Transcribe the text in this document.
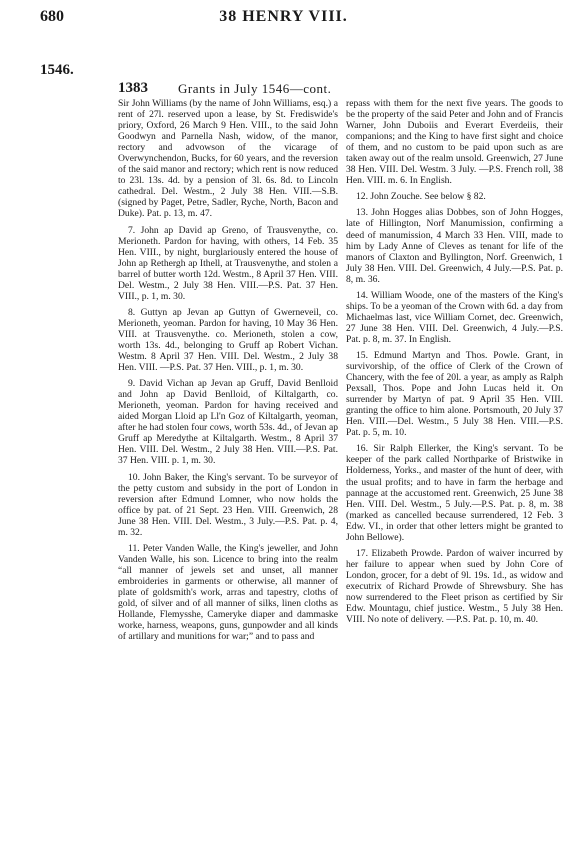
680	38 HENRY VIII.
1546.
1383 Grants in July 1546—cont.

Sir John Williams (by the name of John Williams, esq.) a rent of 27l. reserved upon a lease, by St. Frediswide's priory, Oxford, 26 March 9 Hen. VIII., to the said John Goodwyn and Parnella Nash, widow, of the manor, rectory and advowson of the vicarage of Overwynchendon, Bucks, for 60 years, and the reversion of the said manor and rectory; which rent is now reduced to 23l. 13s. 4d. by a pension of 3l. 6s. 8d. to Lincoln cathedral. Del. Westm., 2 July 38 Hen. VIII.—S.B. (signed by Paget, Petre, Sadler, Ryche, North, Bacon and Duke). Pat. p. 13, m. 47.

7. John ap David ap Greno, of Trausvenythe, co. Merioneth. Pardon for having, with others, 14 Feb. 35 Hen. VIII., by night, burglariously entered the house of John ap Rethergh ap Ithell, at Trausvenythe, and stolen a barrel of butter worth 12d. Westm., 8 April 37 Hen. VIII. Del. Westm., 2 July 38 Hen. VIII.—P.S. Pat. 37 Hen. VIII., p. 1, m. 30.

8. Guttyn ap Jevan ap Guttyn of Gwerneveil, co. Merioneth, yeoman. Pardon for having, 10 May 36 Hen. VIII. at Trausvenythe. co. Merioneth, stolen a cow, worth 13s. 4d., belonging to Gruff ap Robert Vichan. Westm. 8 April 37 Hen. VIII. Del. Westm., 2 July 38 Hen. VIII. —P.S. Pat. 37 Hen. VIII., p. 1, m. 30.

9. David Vichan ap Jevan ap Gruff, David Benlloid and John ap David Benlloid, of Kiltalgarth, co. Merioneth, yeoman. Pardon for having received and aided Morgan Lloid ap Ll'n Goz of Kiltalgarth, yeoman, after he had stolen four cows, worth 53s. 4d., of Jevan ap Gruff ap Meredythe at Kiltalgarth. Westm., 8 April 37 Hen. VIII. Del. Westm., 2 July 38 Hen. VIII.—P.S. Pat. 37 Hen. VIII. p. 1, m. 30.

10. John Baker, the King's servant. To be surveyor of the petty custom and subsidy in the port of London in reversion after Edmund Lomner, who now holds the office by pat. of 21 Sept. 23 Hen. VIII. Greenwich, 28 June 38 Hen. VIII. Del. Westm., 3 July.—P.S. Pat. p. 4, m. 32.

11. Peter Vanden Walle, the King's jeweller, and John Vanden Walle, his son. Licence to bring into the realm “all manner of jewels set and unset, all manner embroideries in garments or otherwise, all manner of plate of goldsmith's work, arras and tapestry, cloths of gold, of silver and of all manner of silks, linen cloths as Hollande, Flemysshe, Cameryke diaper and dammaske worke, harness, weapons, guns, gunpowder and all kinds of artillary and munitions for war;” and to pass and

repass with them for the next five years. The goods to be the property of the said Peter and John and of Francis Warner, John Duboiis and Everart Everdeiis, their companions; and the King to have first sight and choice of them, and no custom to be paid upon such as are taken away out of the realm unsold. Greenwich, 27 June 38 Hen. VIII. Del. Westm. 3 July. —P.S. French roll, 38 Hen. VIII. m. 6. In English.

12. John Zouche. See below § 82.

13. John Hogges alias Dobbes, son of John Hogges, late of Hillington, Norf Manumission, confirming a deed of manumission, 4 March 33 Hen. VIII, made to him by Lady Anne of Cleves as tenant for life of the manors of Claxton and Byllington, Norf. Greenwich, 1 July 38 Hen. VIII. Del. Greenwich, 4 July.—P.S. Pat. p. 8, m. 36.

14. William Woode, one of the masters of the King's ships. To be a yeoman of the Crown with 6d. a day from Michaelmas last, vice William Cornet, dec. Greenwich, 27 June 38 Hen. VIII. Del. Greenwich, 4 July.—P.S. Pat. p. 8, m. 37. In English.

15. Edmund Martyn and Thos. Powle. Grant, in survivorship, of the office of Clerk of the Crown of Chancery, with the fee of 20l. a year, as amply as Ralph Pexsall, Thos. Pope and John Lucas held it. On surrender by Martyn of pat. 9 April 35 Hen. VIII. granting the office to him alone. Portsmouth, 20 July 37 Hen. VIII.—Del. Westm., 5 July 38 Hen. VIII.—P.S. Pat. p. 5, m. 10.

16. Sir Ralph Ellerker, the King's servant. To be keeper of the park called Northparke of Bristwike in Holderness, Yorks., and master of the hunt of deer, with the usual profits; and to have in farm the herbage and pannage at the accustomed rent. Greenwich, 25 June 38 Hen. VIII. Del. Westm., 5 July.—P.S. Pat. p. 8, m. 38 (marked as cancelled because surrendered, 12 Feb. 3 Edw. VI., in order that other letters might be granted to John Bellowe).

17. Elizabeth Prowde. Pardon of waiver incurred by her failure to appear when sued by John Core of London, grocer, for a debt of 9l. 19s. 1d., as widow and executrix of Richard Prowde of Shrewsbury. She has now surrendered to the Fleet prison as certified by Sir Edw. Mountagu, chief justice. Westm., 5 July 38 Hen. VIII. No note of delivery. —P.S. Pat. p. 10, m. 40.
